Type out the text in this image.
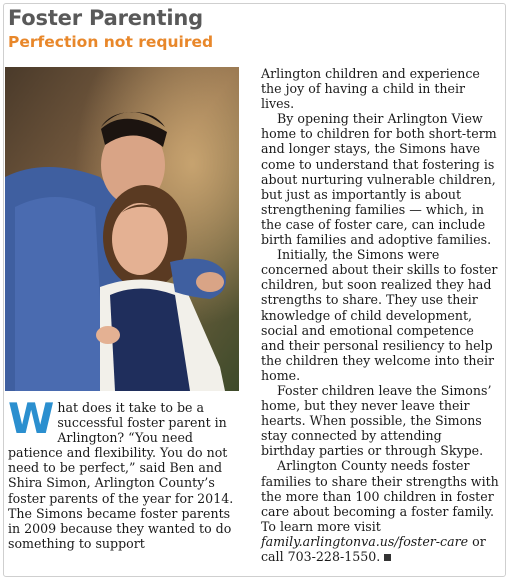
Foster Parenting
Perfection not required

What does it take to be a successful foster parent in Arlington? “You need patience and flexibility. You do not need to be perfect,” said Ben and Shira Simon, Arlington County’s foster parents of the year for 2014. The Simons became foster parents in 2009 because they wanted to do something to support

Arlington children and experience the joy of having a child in their lives.

By opening their Arlington View home to children for both short-term and longer stays, the Simons have come to understand that fostering is about nurturing vulnerable children, but just as importantly is about strengthening families — which, in the case of foster care, can include birth families and adoptive families.

Initially, the Simons were concerned about their skills to foster children, but soon realized they had strengths to share. They use their knowledge of child development, social and emotional competence and their personal resiliency to help the children they welcome into their home.

Foster children leave the Simons’ home, but they never leave their hearts. When possible, the Simons stay connected by attending birthday parties or through Skype.

Arlington County needs foster families to share their strengths with the more than 100 children in foster care about becoming a foster family. To learn more visit family.arlingtonva.us/foster-care or call 703-228-1550.
